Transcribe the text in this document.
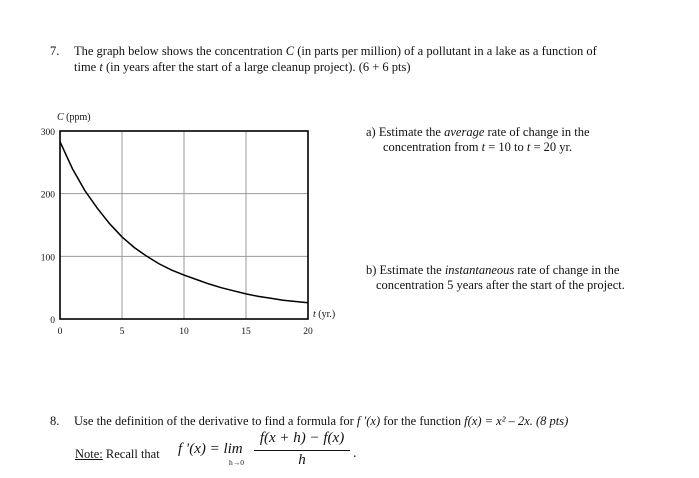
7. The graph below shows the concentration C (in parts per million) of a pollutant in a lake as a function of
time t (in years after the start of a large cleanup project). (6 + 6 pts)
0	5	10	15	20
300
200
100
0
C (ppm)
t (yr.)
a) Estimate the average rate of change in the
concentration from t = 10 to t = 20 yr.
b) Estimate the instantaneous rate of change in the
concentration 5 years after the start of the project.
8. Use the definition of the derivative to find a formula for f ′(x) for the function f(x) = x² – 2x. (8 pts)
Note: Recall that f ′(x) = lim
h→0
f(x + h) − f(x)
h	.
